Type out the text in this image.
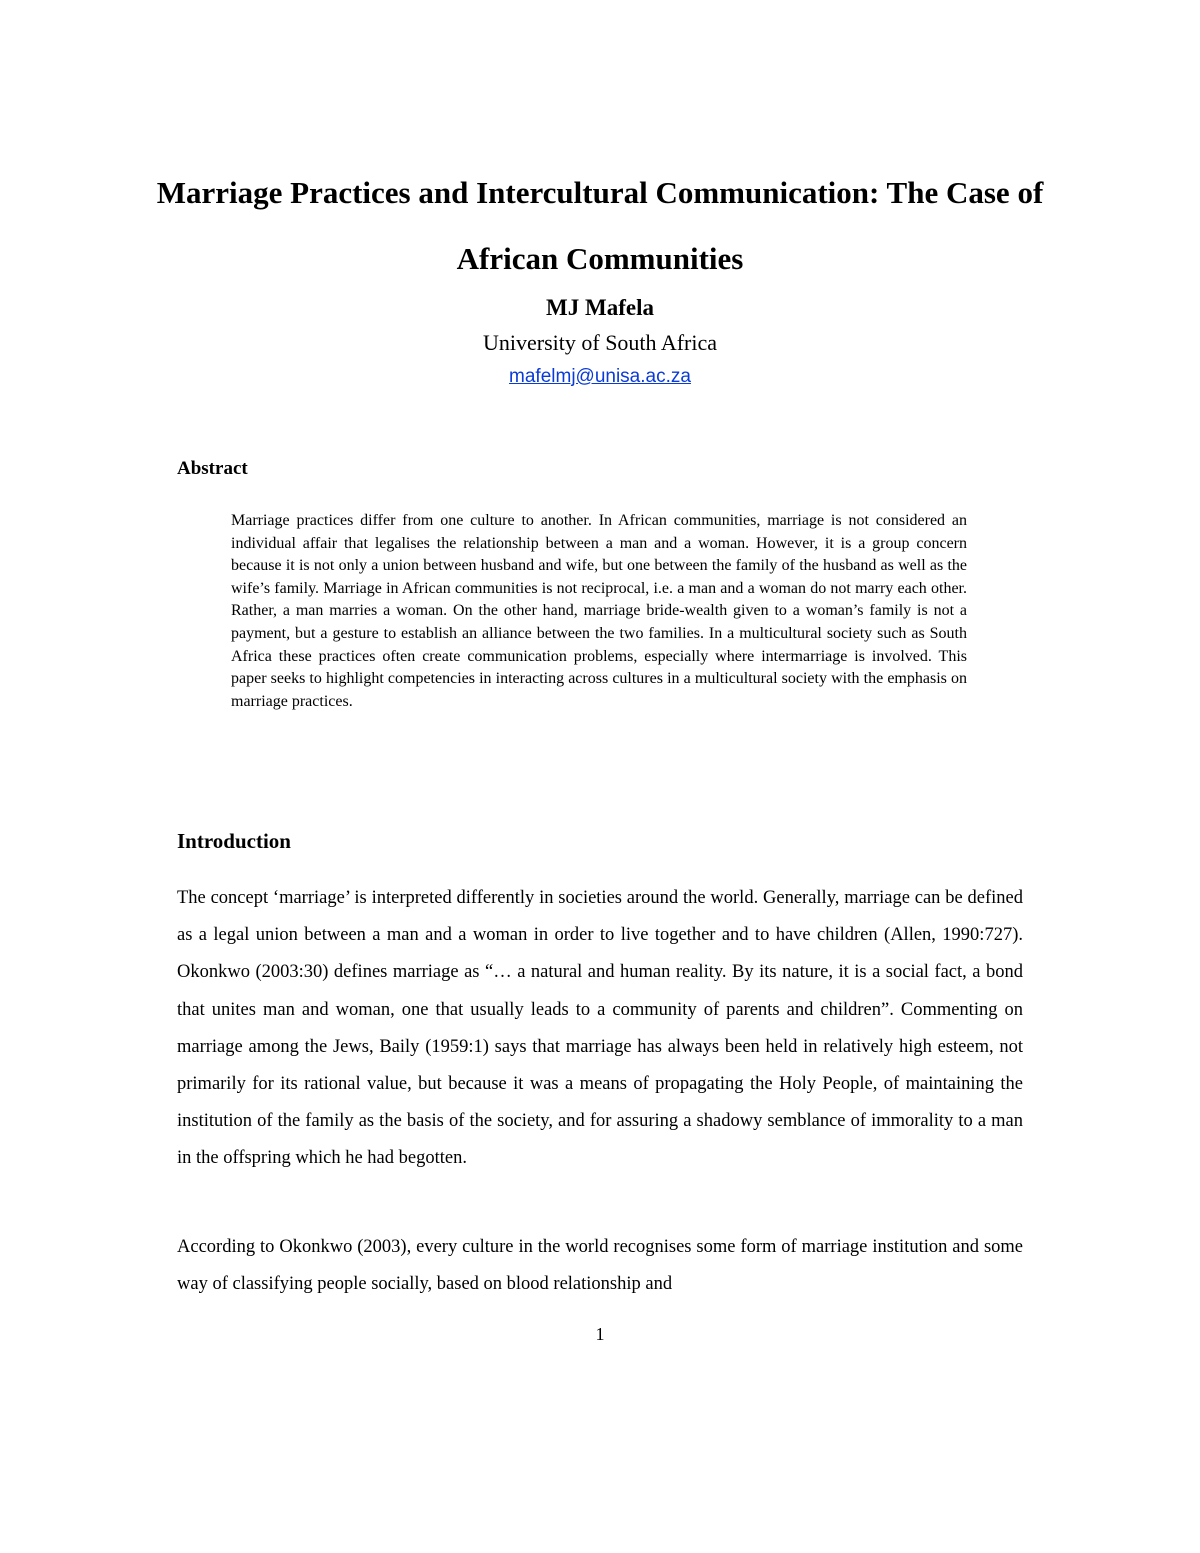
Marriage Practices and Intercultural Communication: The Case of African Communities
MJ Mafela
University of South Africa
mafelmj@unisa.ac.za
Abstract

Marriage practices differ from one culture to another. In African communities, marriage is not considered an individual affair that legalises the relationship between a man and a woman. However, it is a group concern because it is not only a union between husband and wife, but one between the family of the husband as well as the wife’s family. Marriage in African communities is not reciprocal, i.e. a man and a woman do not marry each other. Rather, a man marries a woman. On the other hand, marriage bride-wealth given to a woman’s family is not a payment, but a gesture to establish an alliance between the two families. In a multicultural society such as South Africa these practices often create communication problems, especially where intermarriage is involved. This paper seeks to highlight competencies in interacting across cultures in a multicultural society with the emphasis on marriage practices.

Introduction

The concept ‘marriage’ is interpreted differently in societies around the world. Generally, marriage can be defined as a legal union between a man and a woman in order to live together and to have children (Allen, 1990:727). Okonkwo (2003:30) defines marriage as “… a natural and human reality. By its nature, it is a social fact, a bond that unites man and woman, one that usually leads to a community of parents and children”. Commenting on marriage among the Jews, Baily (1959:1) says that marriage has always been held in relatively high esteem, not primarily for its rational value, but because it was a means of propagating the Holy People, of maintaining the institution of the family as the basis of the society, and for assuring a shadowy semblance of immorality to a man in the offspring which he had begotten.

According to Okonkwo (2003), every culture in the world recognises some form of marriage institution and some way of classifying people socially, based on blood relationship and

1
